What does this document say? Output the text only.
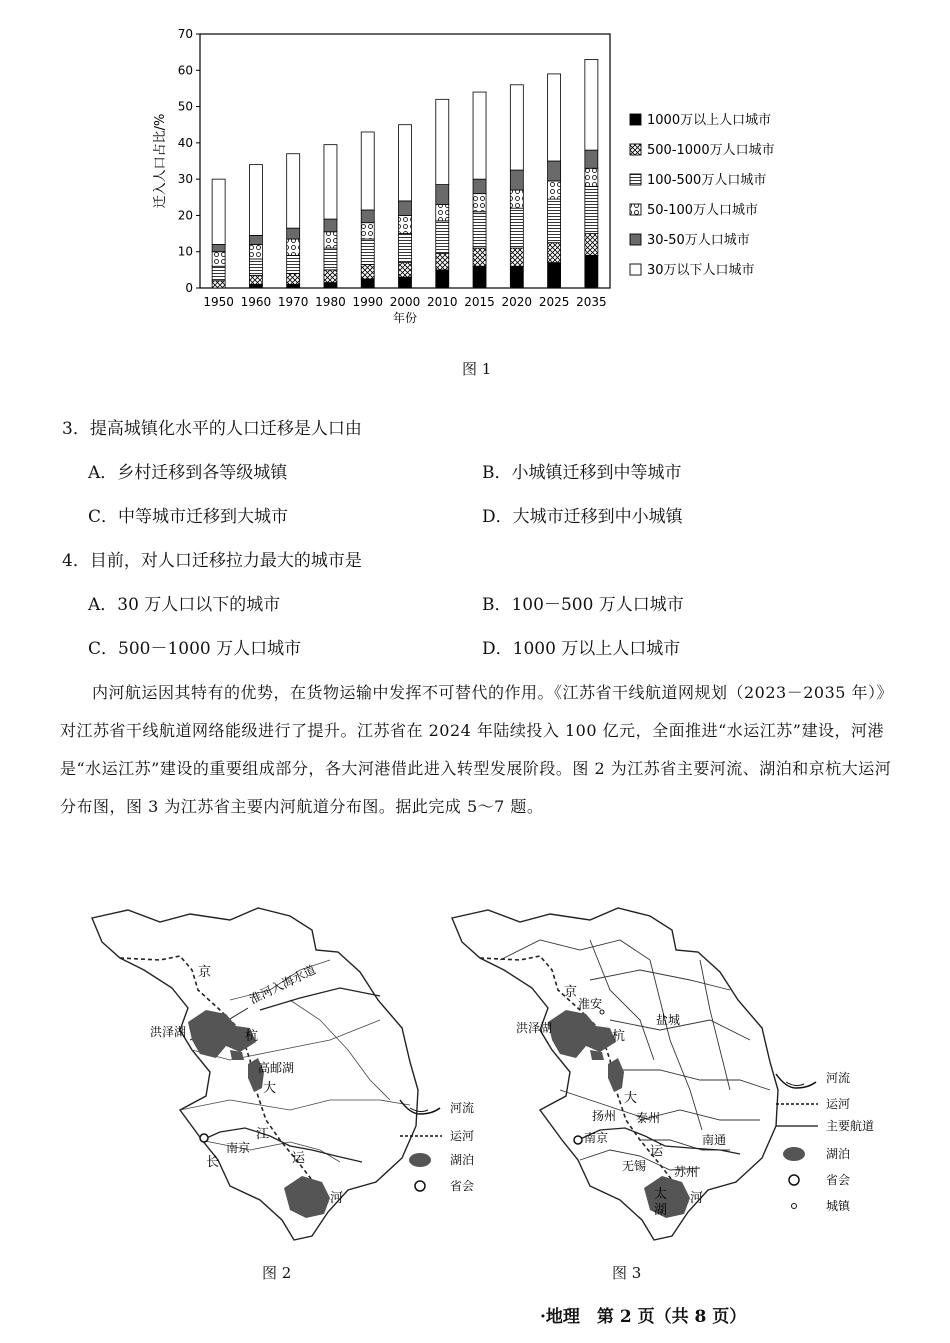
0
10
20
30
40
50
60
70
迁入人口占比/%
1950 1960 1970 1980 1990 2000 2010 2015 2020 2025 2035
年份
1000万以上人口城市
500-1000万人口城市
100-500万人口城市
50-100万人口城市
30-50万人口城市
30万以下人口城市
图 1
3．提高城镇化水平的人口迁移是人口由
A．乡村迁移到各等级城镇	B．小城镇迁移到中等城市
C．中等城市迁移到大城市	D．大城市迁移到中小城镇
4．目前，对人口迁移拉力最大的城市是
A．30 万人口以下的城市	B．100－500 万人口城市
C．500－1000 万人口城市	D．1000 万以上人口城市

内河航运因其特有的优势，在货物运输中发挥不可替代的作用。《江苏省干线航道网规划（2023－2035 年）》对江苏省干线航道网络能级进行了提升。江苏省在 2024 年陆续投入 100 亿元，全面推进“水运江苏”建设，河港是“水运江苏”建设的重要组成部分，各大河港借此进入转型发展阶段。图 2 为江苏省主要河流、湖泊和京杭大运河分布图，图 3 为江苏省主要内河航道分布图。据此完成 5～7 题。

京	淮河入海水道
洪泽湖	杭
高邮湖
大
江
南京
长	运
河
河流
运河
湖泊
省会
图 2
京
淮安
洪泽湖
杭
盐城
大
扬州 泰州
南京
运
南通
无锡 苏州
太
湖
河
河流
运河
主要航道
湖泊
省会
城镇
图 3
·地理　第 2 页（共 8 页）
